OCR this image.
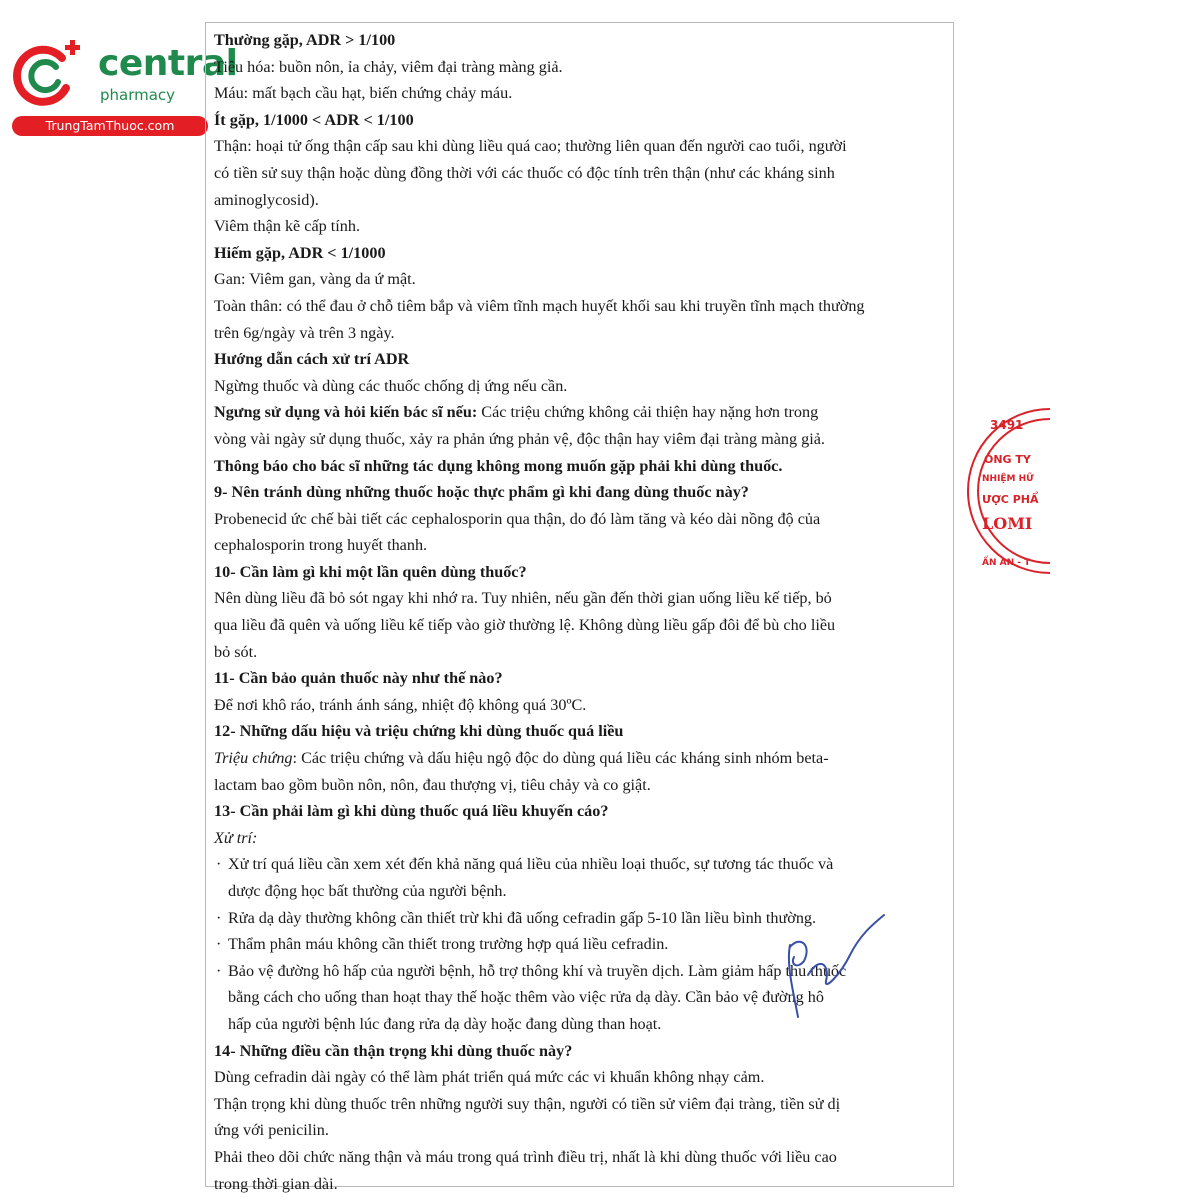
central
pharmacy
TrungTamThuoc.com
Thường gặp, ADR > 1/100
Tiêu hóa: buồn nôn, ỉa chảy, viêm đại tràng màng giả.
Máu: mất bạch cầu hạt, biến chứng chảy máu.
Ít gặp, 1/1000 < ADR < 1/100
Thận: hoại tử ống thận cấp sau khi dùng liều quá cao; thường liên quan đến người cao tuổi, người
có tiền sử suy thận hoặc dùng đồng thời với các thuốc có độc tính trên thận (như các kháng sinh
aminoglycosid).
Viêm thận kẽ cấp tính.
Hiếm gặp, ADR < 1/1000
Gan: Viêm gan, vàng da ứ mật.
Toàn thân: có thể đau ở chỗ tiêm bắp và viêm tĩnh mạch huyết khối sau khi truyền tĩnh mạch thường
trên 6g/ngày và trên 3 ngày.
Hướng dẫn cách xử trí ADR
Ngừng thuốc và dùng các thuốc chống dị ứng nếu cần.
Ngưng sử dụng và hỏi kiến bác sĩ nếu: Các triệu chứng không cải thiện hay nặng hơn trong
vòng vài ngày sử dụng thuốc, xảy ra phản ứng phản vệ, độc thận hay viêm đại tràng màng giả.
Thông báo cho bác sĩ những tác dụng không mong muốn gặp phải khi dùng thuốc.
9- Nên tránh dùng những thuốc hoặc thực phẩm gì khi đang dùng thuốc này?
Probenecid ức chế bài tiết các cephalosporin qua thận, do đó làm tăng và kéo dài nồng độ của
cephalosporin trong huyết thanh.
10- Cần làm gì khi một lần quên dùng thuốc?
Nên dùng liều đã bỏ sót ngay khi nhớ ra. Tuy nhiên, nếu gần đến thời gian uống liều kế tiếp, bỏ
qua liều đã quên và uống liều kế tiếp vào giờ thường lệ. Không dùng liều gấp đôi để bù cho liều
bỏ sót.
11- Cần bảo quản thuốc này như thế nào?
Để nơi khô ráo, tránh ánh sáng, nhiệt độ không quá 30ºC.
12- Những dấu hiệu và triệu chứng khi dùng thuốc quá liều
Triệu chứng: Các triệu chứng và dấu hiệu ngộ độc do dùng quá liều các kháng sinh nhóm beta-
lactam bao gồm buồn nôn, nôn, đau thượng vị, tiêu chảy và co giật.
13- Cần phải làm gì khi dùng thuốc quá liều khuyến cáo?
Xử trí:
· Xử trí quá liều cần xem xét đến khả năng quá liều của nhiều loại thuốc, sự tương tác thuốc và
dược động học bất thường của người bệnh.
· Rửa dạ dày thường không cần thiết trừ khi đã uống cefradin gấp 5-10 lần liều bình thường.
· Thẩm phân máu không cần thiết trong trường hợp quá liều cefradin.
· Bảo vệ đường hô hấp của người bệnh, hỗ trợ thông khí và truyền dịch. Làm giảm hấp thu thuốc
bằng cách cho uống than hoạt thay thế hoặc thêm vào việc rửa dạ dày. Cần bảo vệ đường hô
hấp của người bệnh lúc đang rửa dạ dày hoặc đang dùng than hoạt.
14- Những điều cần thận trọng khi dùng thuốc này?
Dùng cefradin dài ngày có thể làm phát triển quá mức các vi khuẩn không nhạy cảm.
Thận trọng khi dùng thuốc trên những người suy thận, người có tiền sử viêm đại tràng, tiền sử dị
ứng với penicilin.
Phải theo dõi chức năng thận và máu trong quá trình điều trị, nhất là khi dùng thuốc với liều cao
trong thời gian dài.
3491
ÔNG TY
NHIỆM HỮ
ƯỢC PHẨ
LOMI
ẤN AN - T
